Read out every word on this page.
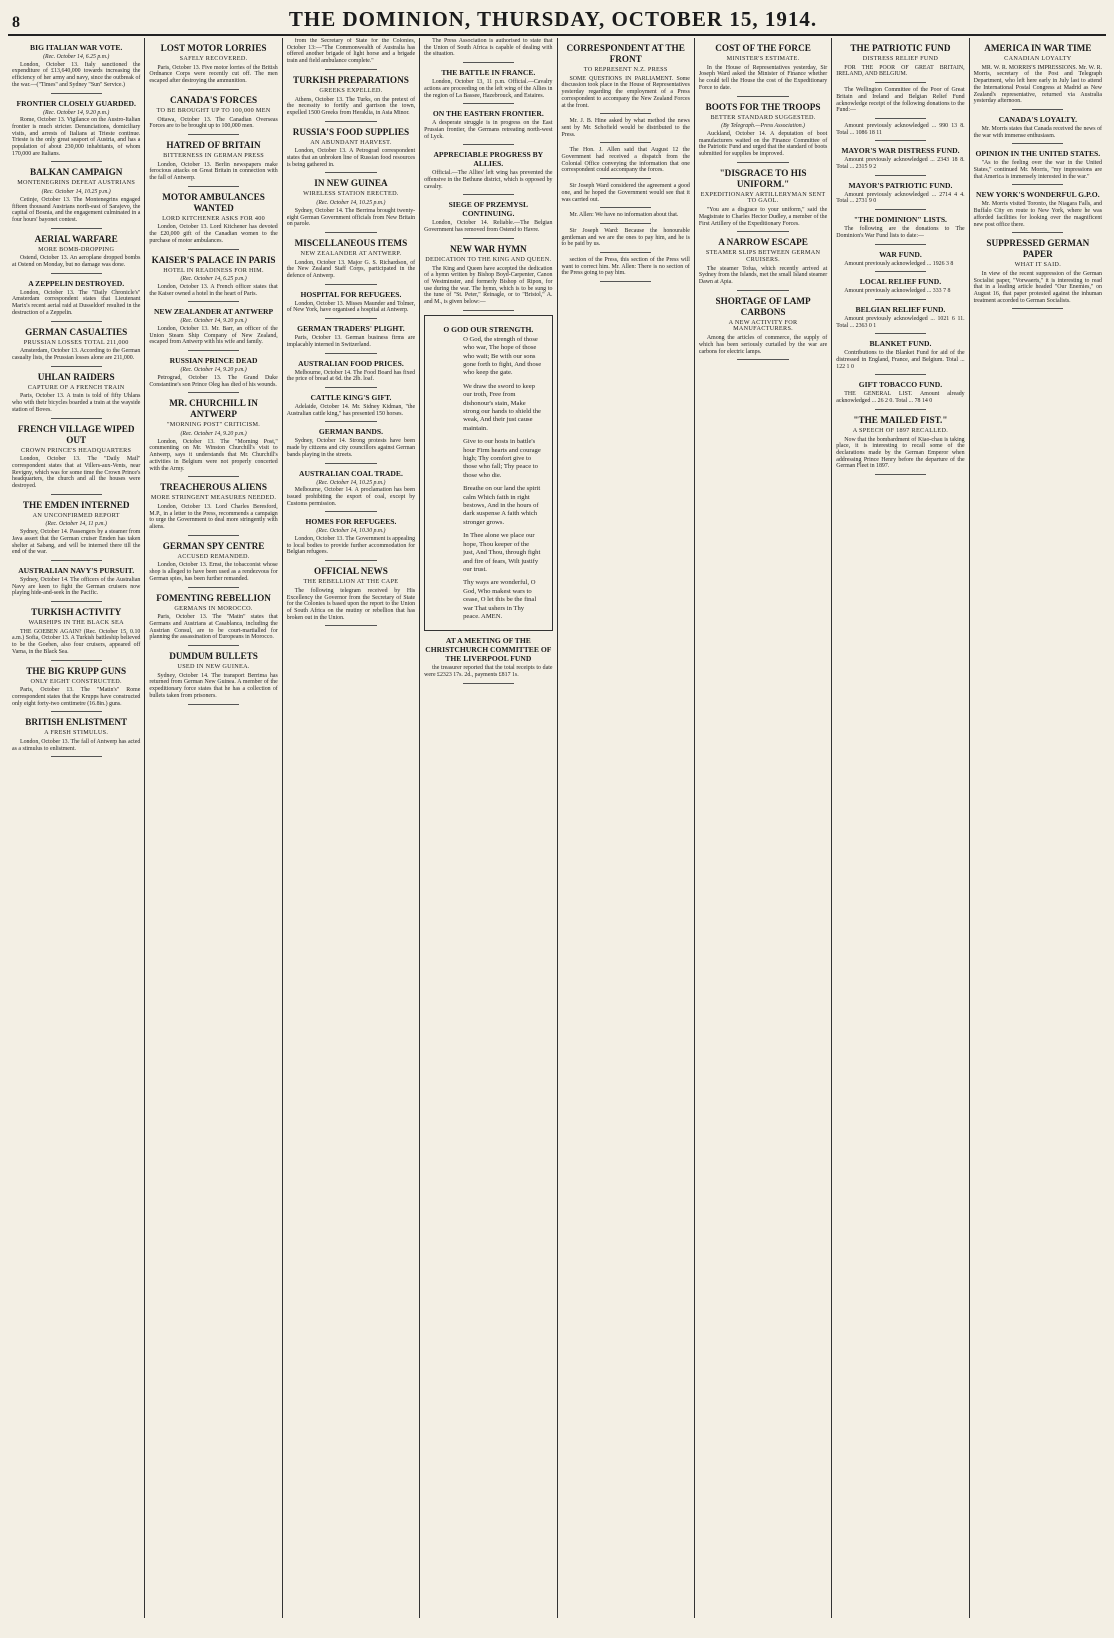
8	THE DOMINION, THURSDAY, OCTOBER 15, 1914.
BIG ITALIAN WAR VOTE.
(Rec. October 14, 6.25 p.m.)
London, October 13. Italy sanctioned the expenditure of £13,640,000 towards increasing the efficiency of her army and navy, since the outbreak of the war.—("Times" and Sydney "Sun" Service.)
FRONTIER CLOSELY GUARDED.
(Rec. October 14, 9.20 p.m.)
Rome, October 13. Vigilance on the Austro-Italian frontier is much stricter. Denunciations, domiciliary visits, and arrests of Italians at Trieste continue. Trieste is the only great seaport of Austria, and has a population of about 230,000 inhabitants, of whom 170,000 are Italians.
BALKAN CAMPAIGN
MONTENEGRINS DEFEAT AUSTRIANS
(Rec. October 14, 10.25 p.m.)
Cetinje, October 13. The Montenegrins engaged fifteen thousand Austrians north-east of Sarajevo, the capital of Bosnia, and the engagement culminated in a four hours' bayonet contest.
AERIAL WARFARE
MORE BOMB-DROPPING
Ostend, October 13. An aeroplane dropped bombs at Ostend on Monday, but no damage was done.
A ZEPPELIN DESTROYED.
London, October 13. The "Daily Chronicle's" Amsterdam correspondent states that Lieutenant Marix's recent aerial raid at Dusseldorf resulted in the destruction of a Zeppelin.
GERMAN CASUALTIES
PRUSSIAN LOSSES TOTAL 211,000
Amsterdam, October 13. According to the German casualty lists, the Prussian losses alone are 211,000.
UHLAN RAIDERS
CAPTURE OF A FRENCH TRAIN
Paris, October 13. A train is told of fifty Uhlans who with their bicycles boarded a train at the wayside station of Boves.
FRENCH VILLAGE WIPED OUT
CROWN PRINCE'S HEADQUARTERS
London, October 13. The "Daily Mail" correspondent states that at Villers-aux-Vents, near Revigny, which was for some time the Crown Prince's headquarters, the church and all the houses were destroyed.
THE EMDEN INTERNED
AN UNCONFIRMED REPORT
(Rec. October 14, 11 p.m.)
Sydney, October 14. Passengers by a steamer from Java assert that the German cruiser Emden has taken shelter at Sabang, and will be interned there till the end of the war.
AUSTRALIAN NAVY'S PURSUIT.
Sydney, October 14. The officers of the Australian Navy are keen to fight the German cruisers now playing hide-and-seek in the Pacific.
TURKISH ACTIVITY
WARSHIPS IN THE BLACK SEA
THE GOEBEN AGAIN? (Rec. October 15, 0.10 a.m.) Sofia, October 13. A Turkish battleship believed to be the Goeben, also four cruisers, appeared off Varna, in the Black Sea.
THE BIG KRUPP GUNS
ONLY EIGHT CONSTRUCTED.
Paris, October 13. The "Matin's" Rome correspondent states that the Krupps have constructed only eight forty-two centimetre (16.8in.) guns.
BRITISH ENLISTMENT
A FRESH STIMULUS.
London, October 13. The fall of Antwerp has acted as a stimulus to enlistment.
LOST MOTOR LORRIES
SAFELY RECOVERED.
Paris, October 13. Five motor lorries of the British Ordnance Corps were recently cut off. The men escaped after destroying the ammunition.
CANADA'S FORCES
TO BE BROUGHT UP TO 100,000 MEN
Ottawa, October 13. The Canadian Overseas Forces are to be brought up to 100,000 men.
HATRED OF BRITAIN
BITTERNESS IN GERMAN PRESS
London, October 13. Berlin newspapers make ferocious attacks on Great Britain in connection with the fall of Antwerp.
MOTOR AMBULANCES WANTED
LORD KITCHENER ASKS FOR 400
London, October 13. Lord Kitchener has devoted the £20,000 gift of the Canadian women to the purchase of motor ambulances.
KAISER'S PALACE IN PARIS
HOTEL IN READINESS FOR HIM.
(Rec. October 14, 6.25 p.m.)
London, October 13. A French officer states that the Kaiser owned a hotel in the heart of Paris.
NEW ZEALANDER AT ANTWERP
(Rec. October 14, 9.20 p.m.)
London, October 13. Mr. Barr, an officer of the Union Steam Ship Company of New Zealand, escaped from Antwerp with his wife and family.
RUSSIAN PRINCE DEAD
(Rec. October 14, 9.20 p.m.)
Petrograd, October 13. The Grand Duke Constantine's son Prince Oleg has died of his wounds.
MR. CHURCHILL IN ANTWERP
"MORNING POST" CRITICISM.
(Rec. October 14, 9.20 p.m.)
London, October 13. The "Morning Post," commenting on Mr. Winston Churchill's visit to Antwerp, says it understands that Mr. Churchill's activities in Belgium were not properly concerted with the Army.
TREACHEROUS ALIENS
MORE STRINGENT MEASURES NEEDED.
London, October 13. Lord Charles Beresford, M.P., in a letter to the Press, recommends a campaign to urge the Government to deal more stringently with aliens.
GERMAN SPY CENTRE
ACCUSED REMANDED.
London, October 13. Ernst, the tobacconist whose shop is alleged to have been used as a rendezvous for German spies, has been further remanded.
FOMENTING REBELLION
GERMANS IN MOROCCO.
Paris, October 13. The "Matin" states that Germans and Austrians at Casablanca, including the Austrian Consul, are to be court-martialled for planning the assassination of Europeans in Morocco.
DUMDUM BULLETS
USED IN NEW GUINEA.
Sydney, October 14. The transport Berrima has returned from German New Guinea. A member of the expeditionary force states that he has a collection of bullets taken from prisoners.
from the Secretary of State for the Colonies, October 13:—"The Commonwealth of Australia has offered another brigade of light horse and a brigade train and field ambulance complete."
TURKISH PREPARATIONS
GREEKS EXPELLED.
Athens, October 13. The Turks, on the pretext of the necessity to fortify and garrison the town, expelled 1500 Greeks from Heraklia, in Asia Minor.
RUSSIA'S FOOD SUPPLIES
AN ABUNDANT HARVEST.
London, October 13. A Petrograd correspondent states that an unbroken line of Russian food resources is being gathered in.
IN NEW GUINEA
WIRELESS STATION ERECTED.
(Rec. October 14, 10.25 p.m.)
Sydney, October 14. The Berrima brought twenty-eight German Government officials from New Britain on parole.
MISCELLANEOUS ITEMS
NEW ZEALANDER AT ANTWERP.
London, October 13. Major G. S. Richardson, of the New Zealand Staff Corps, participated in the defence of Antwerp.
HOSPITAL FOR REFUGEES.
London, October 13. Misses Maunder and Tolmer, of New York, have organised a hospital at Antwerp.
GERMAN TRADERS' PLIGHT.
Paris, October 13. German business firms are implacably interned in Switzerland.
AUSTRALIAN FOOD PRICES.
Melbourne, October 14. The Food Board has fixed the price of bread at 6d. the 2lb. loaf.
CATTLE KING'S GIFT.
Adelaide, October 14. Mr. Sidney Kidman, "the Australian cattle king," has presented 150 horses.
GERMAN BANDS.
Sydney, October 14. Strong protests have been made by citizens and city councillors against German bands playing in the streets.
AUSTRALIAN COAL TRADE.
(Rec. October 14, 10.25 p.m.)
Melbourne, October 14. A proclamation has been issued prohibiting the export of coal, except by Customs permission.
HOMES FOR REFUGEES.
(Rec. October 14, 10.30 p.m.)
London, October 13. The Government is appealing to local bodies to provide further accommodation for Belgian refugees.
OFFICIAL NEWS
THE REBELLION AT THE CAPE
The following telegram received by His Excellency the Governor from the Secretary of State for the Colonies is based upon the report to the Union of South Africa on the mutiny or rebellion that has broken out in the Union.
The Press Association is authorised to state that the Union of South Africa is capable of dealing with the situation.
THE BATTLE IN FRANCE.
London, October 13, 11 p.m. Official.—Cavalry actions are proceeding on the left wing of the Allies in the region of La Bassee, Hazebrouck, and Estaires.
ON THE EASTERN FRONTIER.
A desperate struggle is in progress on the East Prussian frontier, the Germans retreating north-west of Lyck.
APPRECIABLE PROGRESS BY ALLIES.
Official.—The Allies' left wing has prevented the offensive in the Bethune district, which is opposed by cavalry.
SIEGE OF PRZEMYSL CONTINUING.
London, October 14. Reliable.—The Belgian Government has removed from Ostend to Havre.
NEW WAR HYMN
DEDICATION TO THE KING AND QUEEN.
The King and Queen have accepted the dedication of a hymn written by Bishop Boyd-Carpenter, Canon of Westminster, and formerly Bishop of Ripon, for use during the war. The hymn, which is to be sung to the tune of "St. Peter," Reinagle, or to "Bristol," A. and M., is given below:—
O GOD OUR STRENGTH.
O God, the strength of those who war, The hope of those who wait; Be with our sons gone forth to fight, And those who keep the gate.
We draw the sword to keep our troth, Free from dishonour's stain, Make strong our hands to shield the weak, And their just cause maintain.
Give to our hosts in battle's hour Firm hearts and courage high; Thy comfort give to those who fall; Thy peace to those who die.
Breathe on our land the spirit calm Which faith in right bestows, And in the hours of dark suspense A faith which stronger grows.
In Thee alone we place our hope, Thou keeper of the just, And Thou, through fight and fire of fears, Wilt justify our trust.
Thy ways are wonderful, O God, Who makest wars to cease, O let this be the final war That ushers in Thy peace. AMEN.
AT A MEETING OF THE CHRISTCHURCH COMMITTEE OF THE LIVERPOOL FUND
the treasurer reported that the total receipts to date were £2323 17s. 2d., payments £817 1s.
CORRESPONDENT AT THE FRONT
TO REPRESENT N.Z. PRESS
SOME QUESTIONS IN PARLIAMENT. Some discussion took place in the House of Representatives yesterday regarding the employment of a Press correspondent to accompany the New Zealand Forces at the front.
Mr. J. B. Hine asked by what method the news sent by Mr. Schofield would be distributed to the Press.
The Hon. J. Allen said that August 12 the Government had received a dispatch from the Colonial Office conveying the information that one correspondent could accompany the forces.
Sir Joseph Ward considered the agreement a good one, and he hoped the Government would see that it was carried out.
Mr. Allen: We have no information about that.
Sir Joseph Ward: Because the honourable gentleman and we are the ones to pay him, and he is to be paid by us.
section of the Press, this section of the Press will want to correct him. Mr. Allen: There is no section of the Press going to pay him.
COST OF THE FORCE
MINISTER'S ESTIMATE.
In the House of Representatives yesterday, Sir Joseph Ward asked the Minister of Finance whether he could tell the House the cost of the Expeditionary Force to date.
BOOTS FOR THE TROOPS
BETTER STANDARD SUGGESTED.
(By Telegraph.—Press Association.)
Auckland, October 14. A deputation of boot manufacturers waited on the Finance Committee of the Patriotic Fund and urged that the standard of boots submitted for supplies be improved.
"DISGRACE TO HIS UNIFORM."
EXPEDITIONARY ARTILLERYMAN SENT TO GAOL.
"You are a disgrace to your uniform," said the Magistrate to Charles Hector Dudley, a member of the First Artillery of the Expeditionary Forces.
A NARROW ESCAPE
STEAMER SLIPS BETWEEN GERMAN CRUISERS.
The steamer Tofua, which recently arrived at Sydney from the Islands, met the small Island steamer Dawn at Apia.
SHORTAGE OF LAMP CARBONS
A NEW ACTIVITY FOR MANUFACTURERS.
Among the articles of commerce, the supply of which has been seriously curtailed by the war are carbons for electric lamps.
THE PATRIOTIC FUND
DISTRESS RELIEF FUND
FOR THE POOR OF GREAT BRITAIN, IRELAND, AND BELGIUM.
The Wellington Committee of the Poor of Great Britain and Ireland and Belgian Relief Fund acknowledge receipt of the following donations to the Fund:—
Amount previously acknowledged ... 990 13 8. Total ... 1086 18 11
MAYOR'S WAR DISTRESS FUND.
Amount previously acknowledged ... 2343 18 8. Total ... 2315 9 2
MAYOR'S PATRIOTIC FUND.
Amount previously acknowledged ... 2714 4 4. Total ... 2731 9 0
"THE DOMINION" LISTS.
The following are the donations to The Dominion's War Fund lists to date:—
WAR FUND.
Amount previously acknowledged ... 1926 3 8
LOCAL RELIEF FUND.
Amount previously acknowledged ... 333 7 8
BELGIAN RELIEF FUND.
Amount previously acknowledged ... 1021 6 11. Total ... 2363 0 1
BLANKET FUND.
Contributions to the Blanket Fund for aid of the distressed in England, France, and Belgium. Total ... 122 1 0
GIFT TOBACCO FUND.
THE GENERAL LIST. Amount already acknowledged ... 26 2 0. Total ... 78 14 0
"THE MAILED FIST."
A SPEECH OF 1897 RECALLED.
Now that the bombardment of Kiao-chau is taking place, it is interesting to recall some of the declarations made by the German Emperor when addressing Prince Henry before the departure of the German Fleet in 1897.
AMERICA IN WAR TIME
CANADIAN LOYALTY
MR. W. R. MORRIS'S IMPRESSIONS. Mr. W. R. Morris, secretary of the Post and Telegraph Department, who left here early in July last to attend the International Postal Congress at Madrid as New Zealand's representative, returned via Australia yesterday afternoon.
CANADA'S LOYALTY.
Mr. Morris states that Canada received the news of the war with immense enthusiasm.
OPINION IN THE UNITED STATES.
"As to the feeling over the war in the United States," continued Mr. Morris, "my impressions are that America is immensely interested in the war."
NEW YORK'S WONDERFUL G.P.O.
Mr. Morris visited Toronto, the Niagara Falls, and Buffalo City en route to New York, where he was afforded facilities for looking over the magnificent new post office there.
SUPPRESSED GERMAN PAPER
WHAT IT SAID.
In view of the recent suppression of the German Socialist paper, "Vorwaerts," it is interesting to read that in a leading article headed "Our Enemies," on August 16, that paper protested against the inhuman treatment accorded to German Socialists.
